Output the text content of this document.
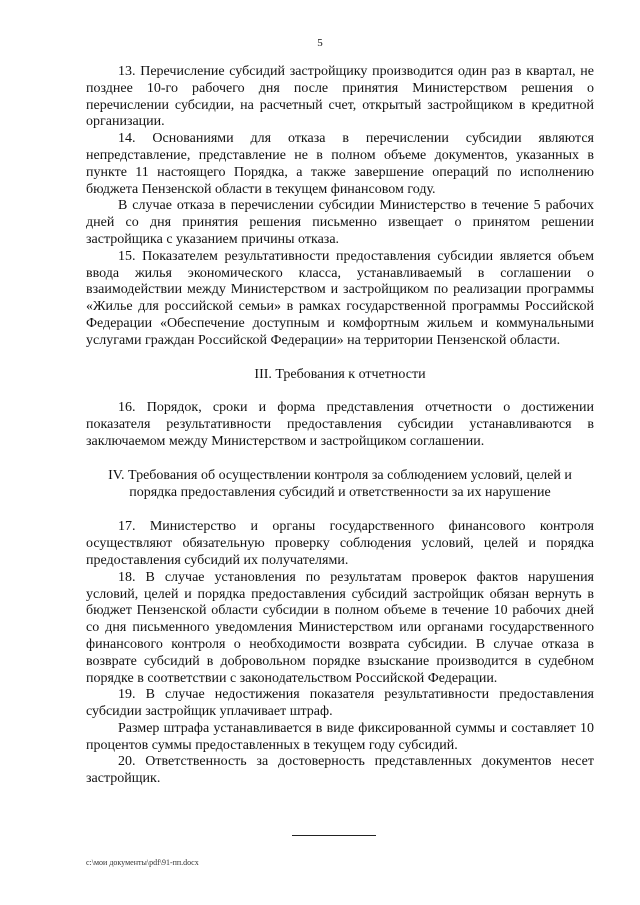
5

13. Перечисление субсидий застройщику производится один раз в квартал, не позднее 10-го рабочего дня после принятия Министерством решения о перечислении субсидии, на расчетный счет, открытый застройщиком в кредитной организации.

14. Основаниями для отказа в перечислении субсидии являются непредставление, представление не в полном объеме документов, указанных в пункте 11 настоящего Порядка, а также завершение операций по исполнению бюджета Пензенской области в текущем финансовом году.

В случае отказа в перечислении субсидии Министерство в течение 5 рабочих дней со дня принятия решения письменно извещает о принятом решении застройщика с указанием причины отказа.

15. Показателем результативности предоставления субсидии является объем ввода жилья экономического класса, устанавливаемый в соглашении о взаимодействии между Министерством и застройщиком по реализации программы «Жилье для российской семьи» в рамках государственной программы Российской Федерации «Обеспечение доступным и комфортным жильем и коммунальными услугами граждан Российской Федерации» на территории Пензенской области.

III. Требования к отчетности

16. Порядок, сроки и форма представления отчетности о достижении показателя результативности предоставления субсидии устанавливаются в заключаемом между Министерством и застройщиком соглашении.

IV. Требования об осуществлении контроля за соблюдением условий, целей и порядка предоставления субсидий и ответственности за их нарушение

17. Министерство и органы государственного финансового контроля осуществляют обязательную проверку соблюдения условий, целей и порядка предоставления субсидий их получателями.

18. В случае установления по результатам проверок фактов нарушения условий, целей и порядка предоставления субсидий застройщик обязан вернуть в бюджет Пензенской области субсидии в полном объеме в течение 10 рабочих дней со дня письменного уведомления Министерством или органами государственного финансового контроля о необходимости возврата субсидии. В случае отказа в возврате субсидий в добровольном порядке взыскание производится в судебном порядке в соответствии с законодательством Российской Федерации.

19. В случае недостижения показателя результативности предоставления субсидии застройщик уплачивает штраф.

Размер штрафа устанавливается в виде фиксированной суммы и составляет 10 процентов суммы предоставленных в текущем году субсидий.

20. Ответственность за достоверность представленных документов несет застройщик.

c:\мои документы\pdf\91-пп.docx
